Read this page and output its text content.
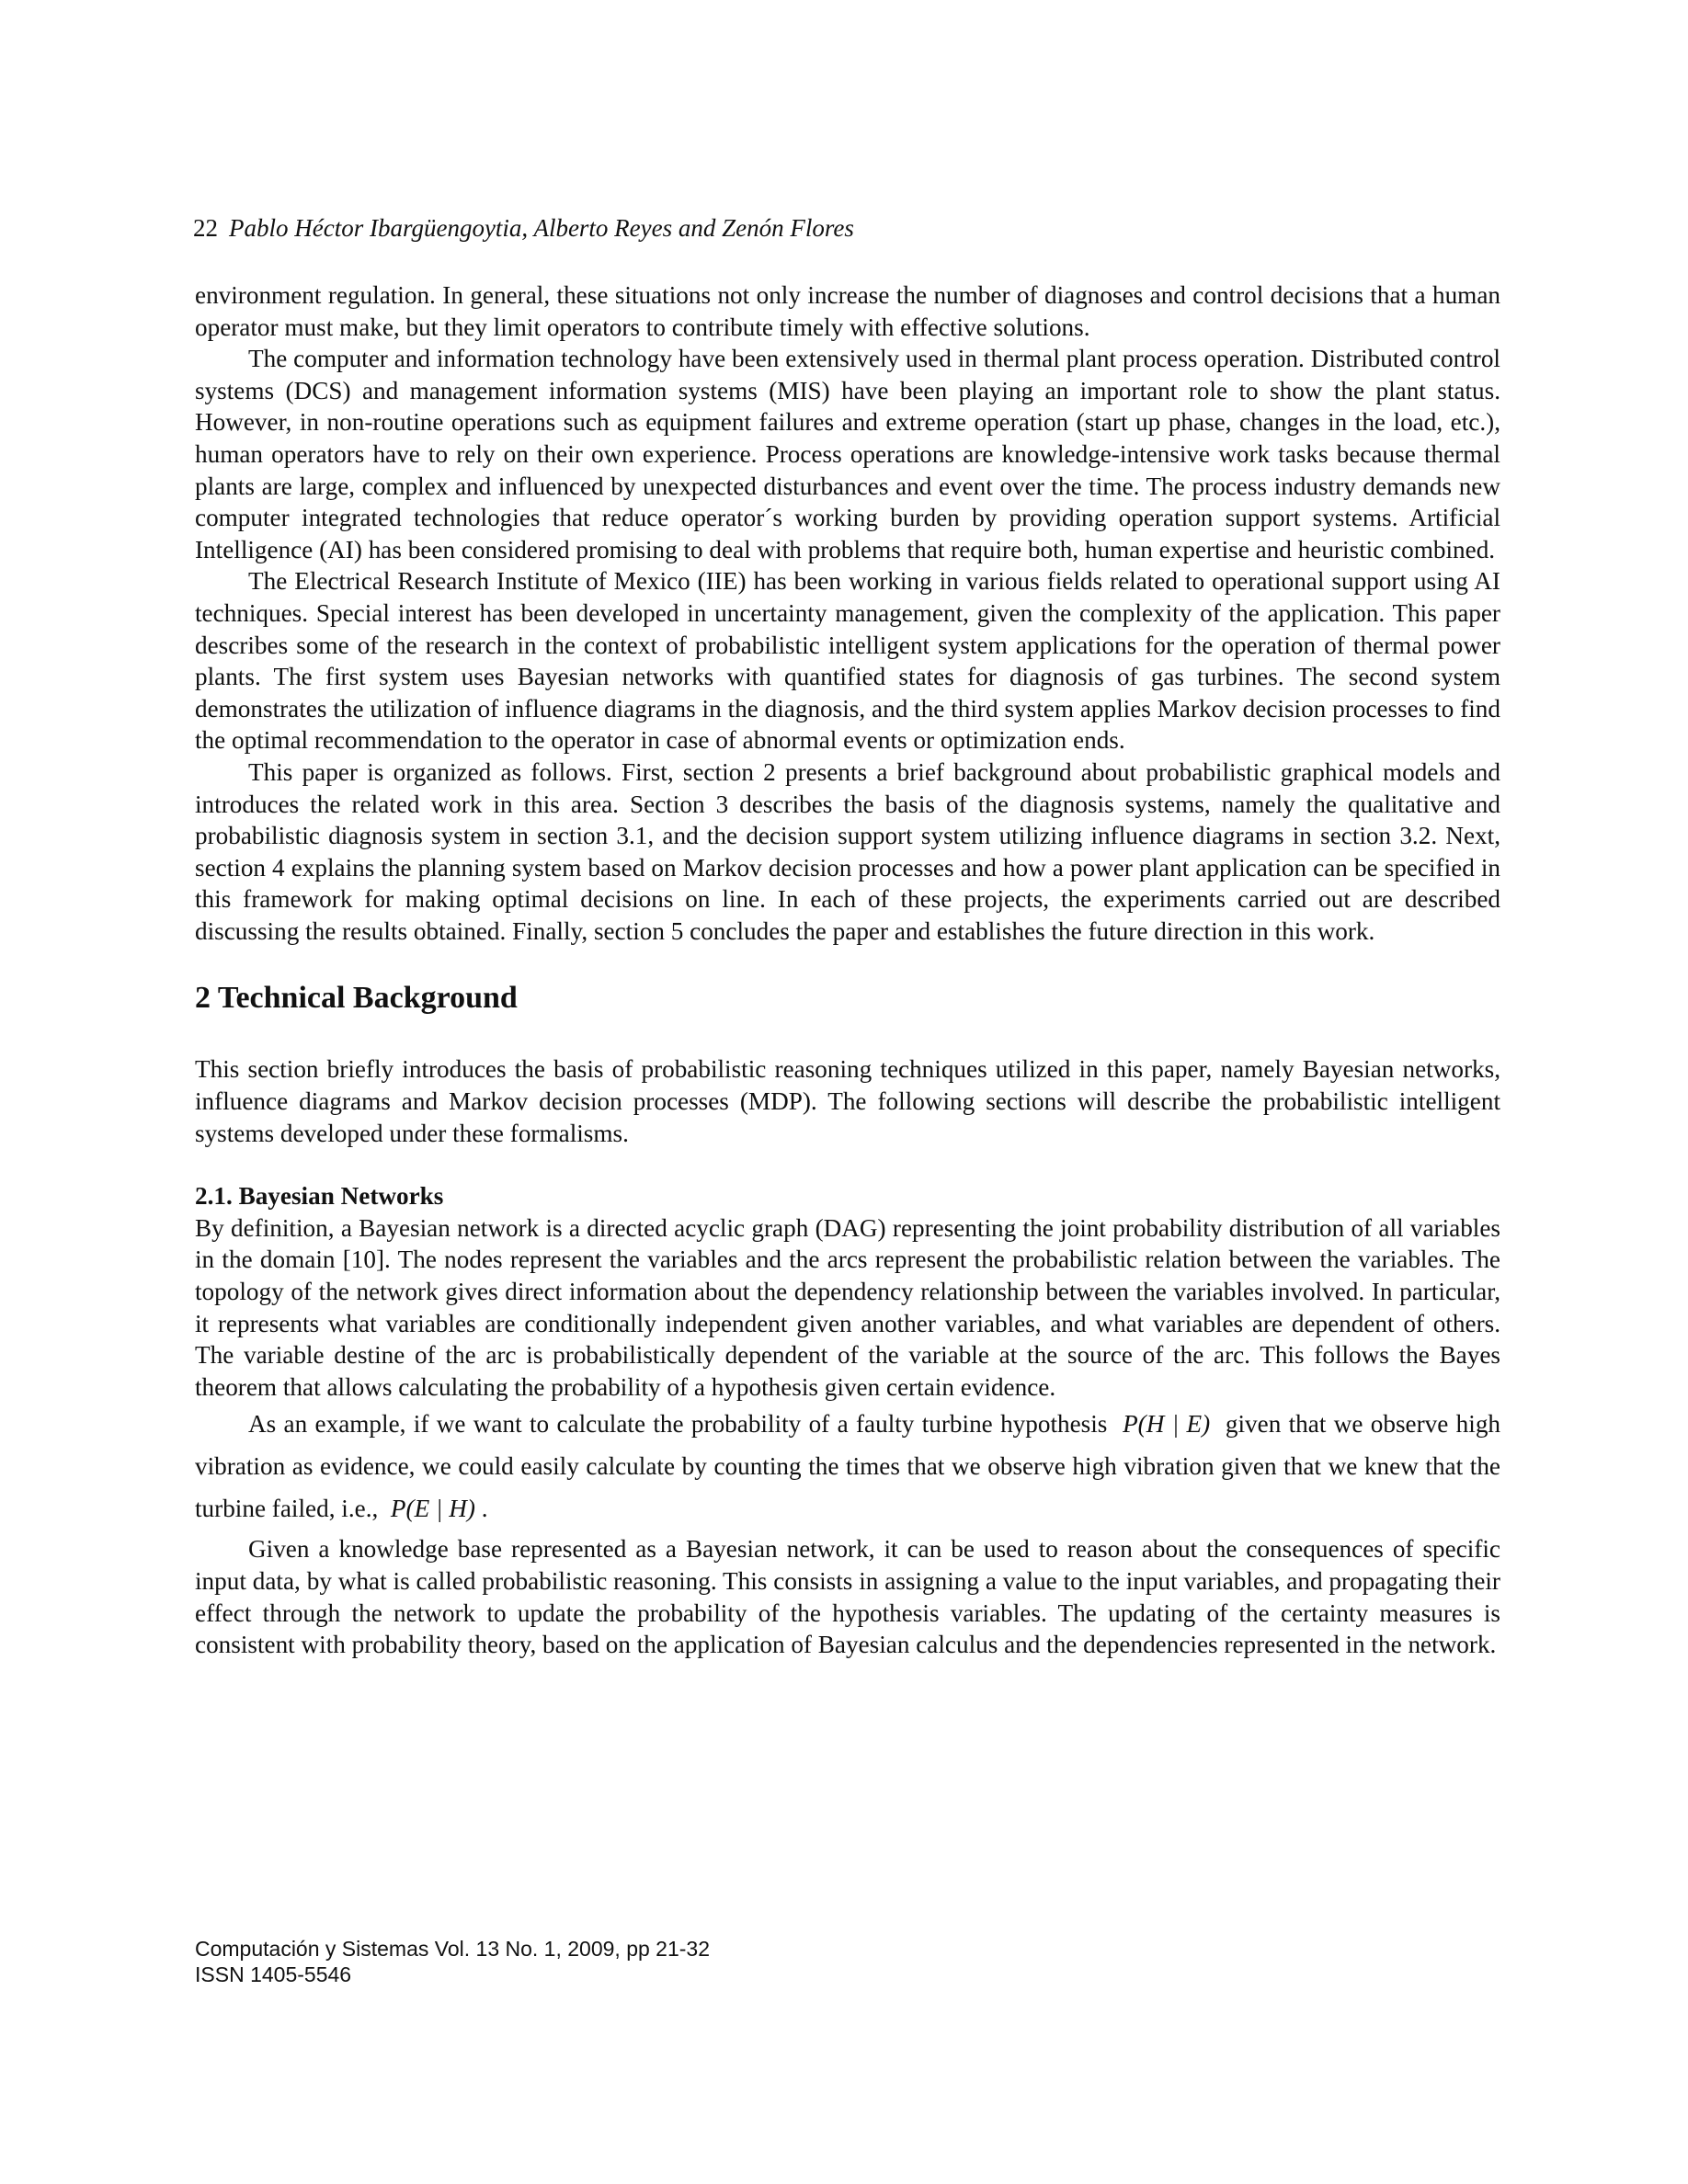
22 Pablo Héctor Ibargüengoytia, Alberto Reyes and Zenón Flores

environment regulation. In general, these situations not only increase the number of diagnoses and control decisions that a human operator must make, but they limit operators to contribute timely with effective solutions.

The computer and information technology have been extensively used in thermal plant process operation. Distributed control systems (DCS) and management information systems (MIS) have been playing an important role to show the plant status. However, in non-routine operations such as equipment failures and extreme operation (start up phase, changes in the load, etc.), human operators have to rely on their own experience. Process operations are knowledge-intensive work tasks because thermal plants are large, complex and influenced by unexpected disturbances and event over the time. The process industry demands new computer integrated technologies that reduce operator´s working burden by providing operation support systems. Artificial Intelligence (AI) has been considered promising to deal with problems that require both, human expertise and heuristic combined.

The Electrical Research Institute of Mexico (IIE) has been working in various fields related to operational support using AI techniques. Special interest has been developed in uncertainty management, given the complexity of the application. This paper describes some of the research in the context of probabilistic intelligent system applications for the operation of thermal power plants. The first system uses Bayesian networks with quantified states for diagnosis of gas turbines. The second system demonstrates the utilization of influence diagrams in the diagnosis, and the third system applies Markov decision processes to find the optimal recommendation to the operator in case of abnormal events or optimization ends.

This paper is organized as follows. First, section 2 presents a brief background about probabilistic graphical models and introduces the related work in this area. Section 3 describes the basis of the diagnosis systems, namely the qualitative and probabilistic diagnosis system in section 3.1, and the decision support system utilizing influence diagrams in section 3.2. Next, section 4 explains the planning system based on Markov decision processes and how a power plant application can be specified in this framework for making optimal decisions on line. In each of these projects, the experiments carried out are described discussing the results obtained. Finally, section 5 concludes the paper and establishes the future direction in this work.

2 Technical Background

This section briefly introduces the basis of probabilistic reasoning techniques utilized in this paper, namely Bayesian networks, influence diagrams and Markov decision processes (MDP). The following sections will describe the probabilistic intelligent systems developed under these formalisms.

2.1. Bayesian Networks

By definition, a Bayesian network is a directed acyclic graph (DAG) representing the joint probability distribution of all variables in the domain [10]. The nodes represent the variables and the arcs represent the probabilistic relation between the variables. The topology of the network gives direct information about the dependency relationship between the variables involved. In particular, it represents what variables are conditionally independent given another variables, and what variables are dependent of others. The variable destine of the arc is probabilistically dependent of the variable at the source of the arc. This follows the Bayes theorem that allows calculating the probability of a hypothesis given certain evidence.

As an example, if we want to calculate the probability of a faulty turbine hypothesis P(H | E) given that we observe high vibration as evidence, we could easily calculate by counting the times that we observe high vibration given that we knew that the turbine failed, i.e., P(E | H) .

Given a knowledge base represented as a Bayesian network, it can be used to reason about the consequences of specific input data, by what is called probabilistic reasoning. This consists in assigning a value to the input variables, and propagating their effect through the network to update the probability of the hypothesis variables. The updating of the certainty measures is consistent with probability theory, based on the application of Bayesian calculus and the dependencies represented in the network.

Computación y Sistemas Vol. 13 No. 1, 2009, pp 21-32
ISSN 1405-5546
